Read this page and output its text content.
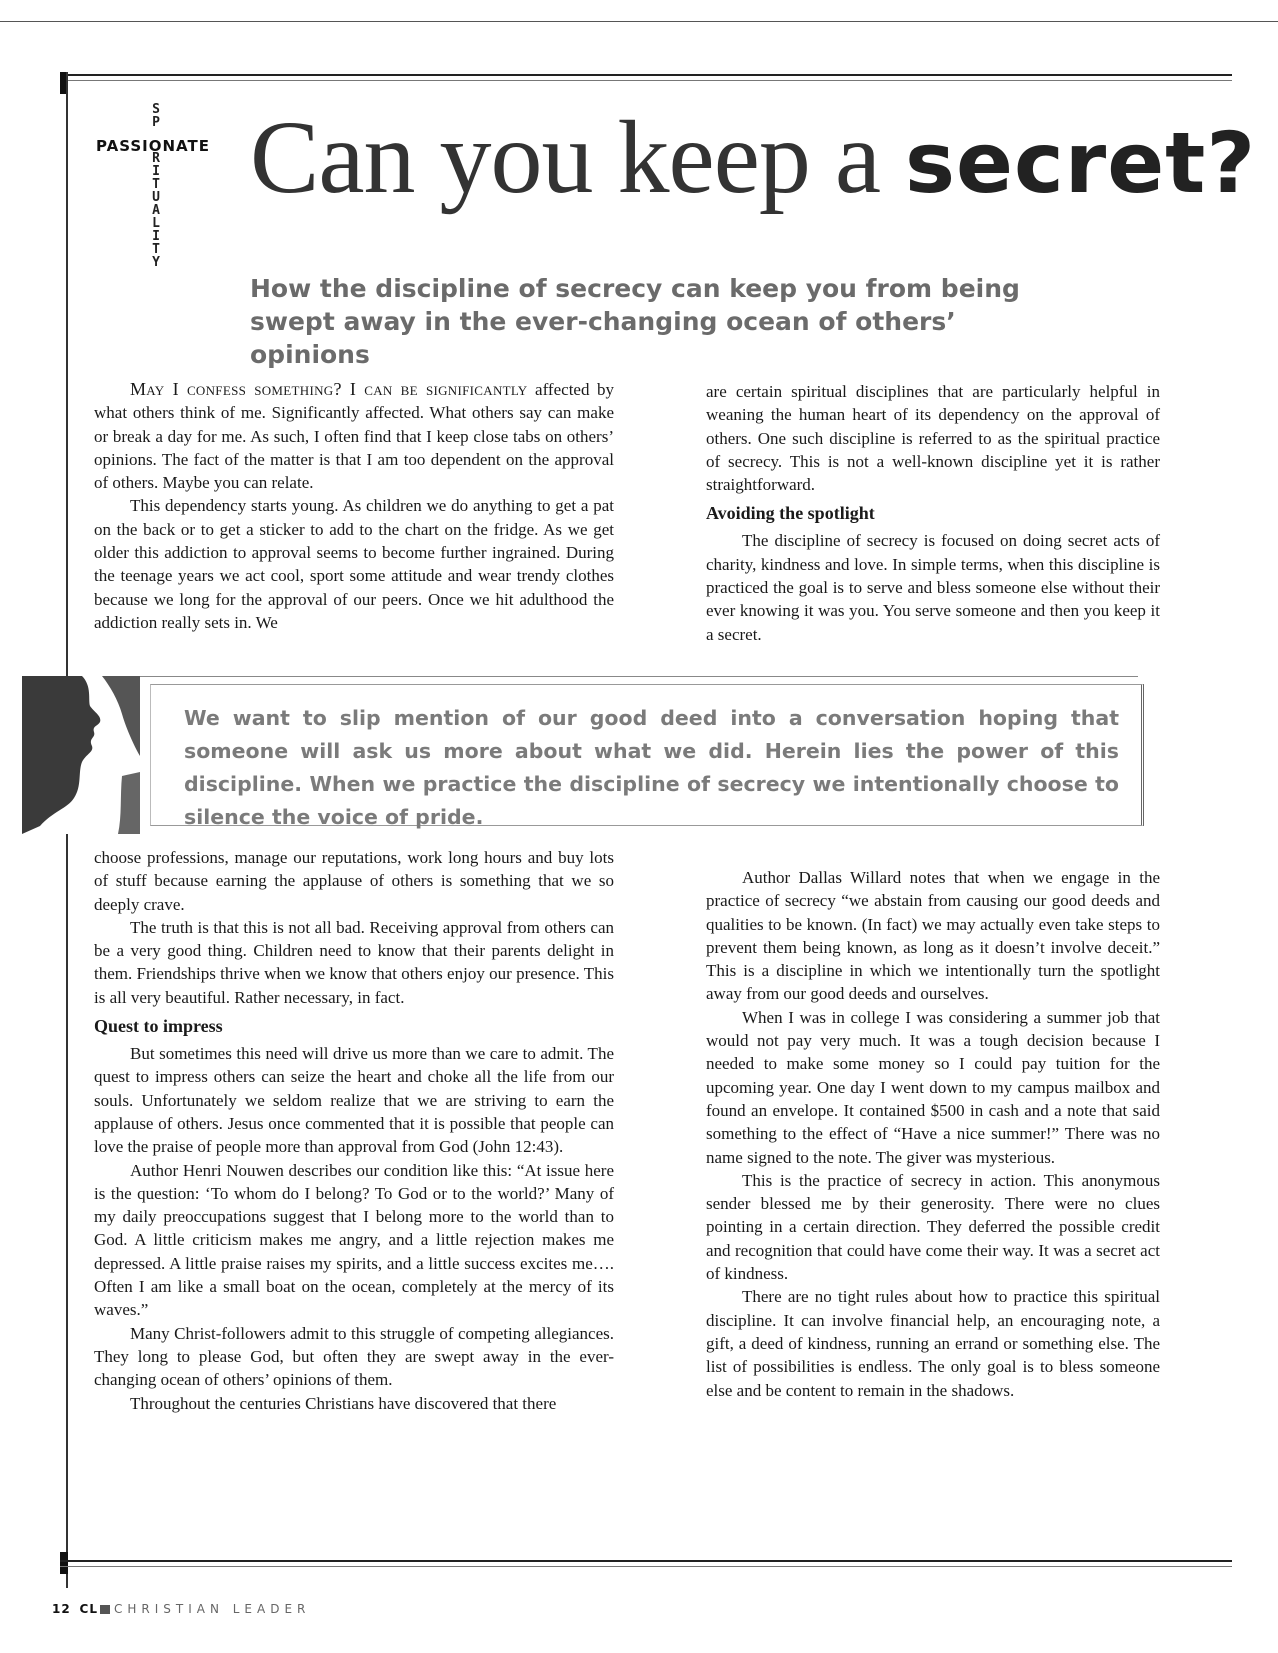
S
P
R
I
T
U
A
L
I
T
Y
PASSIONATE Can you keep a secret?
How the discipline of secrecy can keep you from being swept away in the ever-changing ocean of others’ opinions

May I confess something? I can be significantly affected by what others think of me. Significantly affected. What others say can make or break a day for me. As such, I often find that I keep close tabs on others’ opinions. The fact of the matter is that I am too dependent on the approval of others. Maybe you can relate.

This dependency starts young. As children we do anything to get a pat on the back or to get a sticker to add to the chart on the fridge. As we get older this addiction to approval seems to become further ingrained. During the teenage years we act cool, sport some attitude and wear trendy clothes because we long for the approval of our peers. Once we hit adulthood the addiction really sets in. We

are certain spiritual disciplines that are particularly helpful in weaning the human heart of its dependency on the approval of others. One such discipline is referred to as the spiritual practice of secrecy. This is not a well-known discipline yet it is rather straightforward.

Avoiding the spotlight

The discipline of secrecy is focused on doing secret acts of charity, kindness and love. In simple terms, when this discipline is practiced the goal is to serve and bless someone else without their ever knowing it was you. You serve someone and then you keep it a secret.

We want to slip mention of our good deed into a conversation hoping that someone will ask us more about what we did. Herein lies the power of this discipline. When we practice the discipline of secrecy we intentionally choose to silence the voice of pride.

choose professions, manage our reputations, work long hours and buy lots of stuff because earning the applause of others is something that we so deeply crave.

The truth is that this is not all bad. Receiving approval from others can be a very good thing. Children need to know that their parents delight in them. Friendships thrive when we know that others enjoy our presence. This is all very beautiful. Rather necessary, in fact.

Quest to impress

But sometimes this need will drive us more than we care to admit. The quest to impress others can seize the heart and choke all the life from our souls. Unfortunately we seldom realize that we are striving to earn the applause of others. Jesus once commented that it is possible that people can love the praise of people more than approval from God (John 12:43).

Author Henri Nouwen describes our condition like this: “At issue here is the question: ‘To whom do I belong? To God or to the world?’ Many of my daily preoccupations suggest that I belong more to the world than to God. A little criticism makes me angry, and a little rejection makes me depressed. A little praise raises my spirits, and a little success excites me…. Often I am like a small boat on the ocean, completely at the mercy of its waves.”

Many Christ-followers admit to this struggle of competing allegiances. They long to please God, but often they are swept away in the ever-changing ocean of others’ opinions of them.

Throughout the centuries Christians have discovered that there

Author Dallas Willard notes that when we engage in the practice of secrecy “we abstain from causing our good deeds and qualities to be known. (In fact) we may actually even take steps to prevent them being known, as long as it doesn’t involve deceit.” This is a discipline in which we intentionally turn the spotlight away from our good deeds and ourselves.

When I was in college I was considering a summer job that would not pay very much. It was a tough decision because I needed to make some money so I could pay tuition for the upcoming year. One day I went down to my campus mailbox and found an envelope. It contained $500 in cash and a note that said something to the effect of “Have a nice summer!” There was no name signed to the note. The giver was mysterious.

This is the practice of secrecy in action. This anonymous sender blessed me by their generosity. There were no clues pointing in a certain direction. They deferred the possible credit and recognition that could have come their way. It was a secret act of kindness.

There are no tight rules about how to practice this spiritual discipline. It can involve financial help, an encouraging note, a gift, a deed of kindness, running an errand or something else. The list of possibilities is endless. The only goal is to bless someone else and be content to remain in the shadows.

12 CL CHRISTIAN LEADER
